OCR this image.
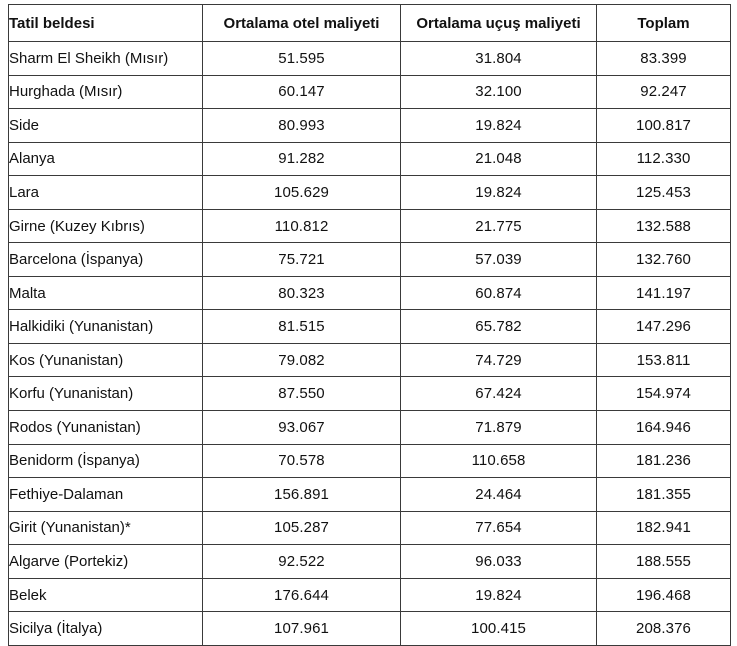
Tatil beldesi	Ortalama otel maliyeti	Ortalama uçuş maliyeti	Toplam
Sharm El Sheikh (Mısır)	51.595	31.804	83.399
Hurghada (Mısır)	60.147	32.100	92.247
Side	80.993	19.824	100.817
Alanya	91.282	21.048	112.330
Lara	105.629	19.824	125.453
Girne (Kuzey Kıbrıs)	110.812	21.775	132.588
Barcelona (İspanya)	75.721	57.039	132.760
Malta	80.323	60.874	141.197
Halkidiki (Yunanistan)	81.515	65.782	147.296
Kos (Yunanistan)	79.082	74.729	153.811
Korfu (Yunanistan)	87.550	67.424	154.974
Rodos (Yunanistan)	93.067	71.879	164.946
Benidorm (İspanya)	70.578	110.658	181.236
Fethiye-Dalaman	156.891	24.464	181.355
Girit (Yunanistan)*	105.287	77.654	182.941
Algarve (Portekiz)	92.522	96.033	188.555
Belek	176.644	19.824	196.468
Sicilya (İtalya)	107.961	100.415	208.376
